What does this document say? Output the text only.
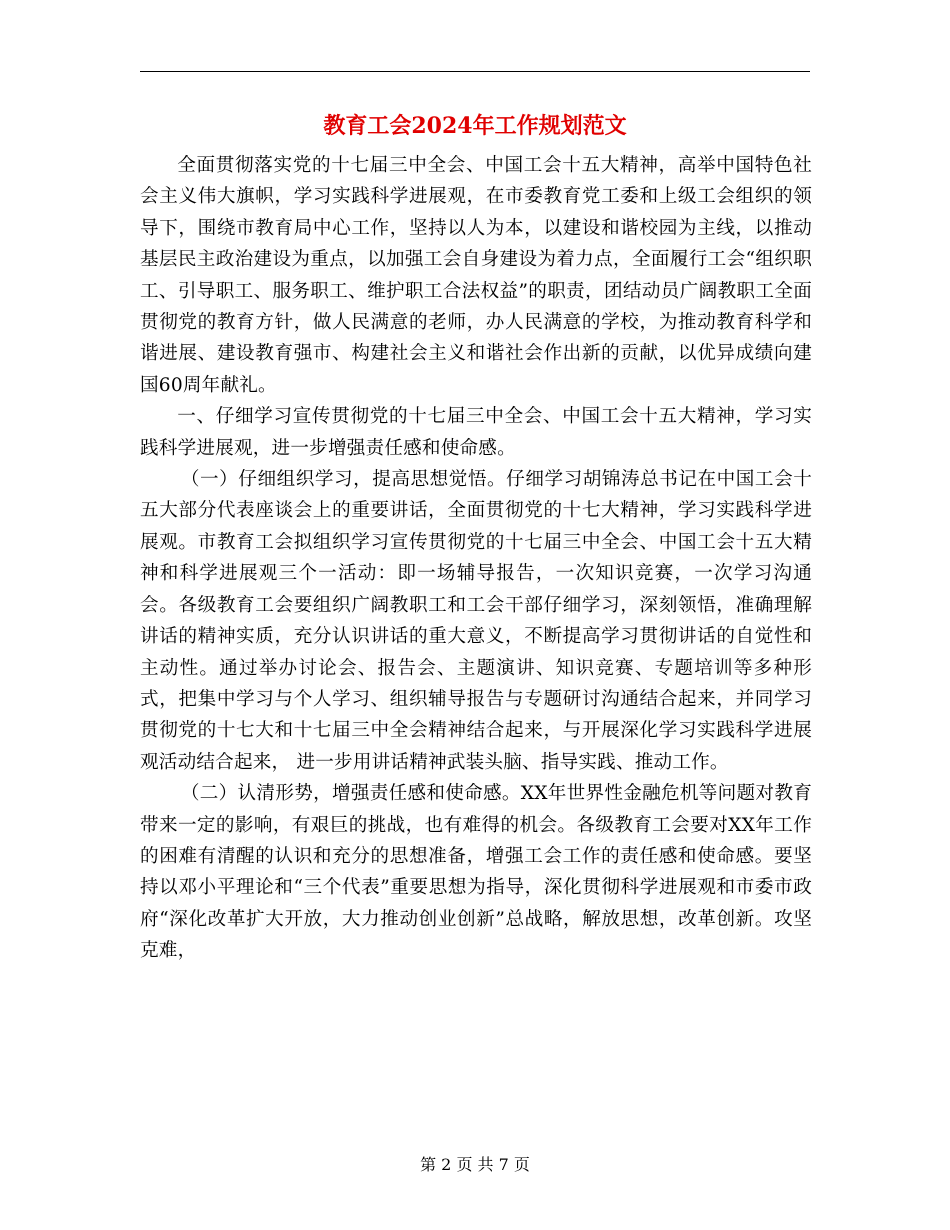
教育工会2024年工作规划范文

全面贯彻落实党的十七届三中全会、中国工会十五大精神，高举中国特色社会主义伟大旗帜，学习实践科学进展观，在市委教育党工委和上级工会组织的领导下，围绕市教育局中心工作，坚持以人为本，以建设和谐校园为主线，以推动基层民主政治建设为重点，以加强工会自身建设为着力点，全面履行工会“组织职工、引导职工、服务职工、维护职工合法权益”的职责，团结动员广阔教职工全面贯彻党的教育方针，做人民满意的老师，办人民满意的学校，为推动教育科学和谐进展、建设教育强市、构建社会主义和谐社会作出新的贡献，以优异成绩向建国60周年献礼。

一、仔细学习宣传贯彻党的十七届三中全会、中国工会十五大精神，学习实践科学进展观，进一步增强责任感和使命感。

（一）仔细组织学习，提高思想觉悟。仔细学习胡锦涛总书记在中国工会十五大部分代表座谈会上的重要讲话，全面贯彻党的十七大精神，学习实践科学进展观。市教育工会拟组织学习宣传贯彻党的十七届三中全会、中国工会十五大精神和科学进展观三个一活动：即一场辅导报告，一次知识竞赛，一次学习沟通会。各级教育工会要组织广阔教职工和工会干部仔细学习，深刻领悟，准确理解讲话的精神实质，充分认识讲话的重大意义，不断提高学习贯彻讲话的自觉性和主动性。通过举办讨论会、报告会、主题演讲、知识竞赛、专题培训等多种形式，把集中学习与个人学习、组织辅导报告与专题研讨沟通结合起来，并同学习贯彻党的十七大和十七届三中全会精神结合起来，与开展深化学习实践科学进展观活动结合起来， 进一步用讲话精神武装头脑、指导实践、推动工作。

（二）认清形势，增强责任感和使命感。XX年世界性金融危机等问题对教育带来一定的影响，有艰巨的挑战，也有难得的机会。各级教育工会要对XX年工作的困难有清醒的认识和充分的思想准备，增强工会工作的责任感和使命感。要坚持以邓小平理论和“三个代表”重要思想为指导，深化贯彻科学进展观和市委市政府“深化改革扩大开放，大力推动创业创新”总战略，解放思想，改革创新。攻坚克难，

第 2 页 共 7 页
